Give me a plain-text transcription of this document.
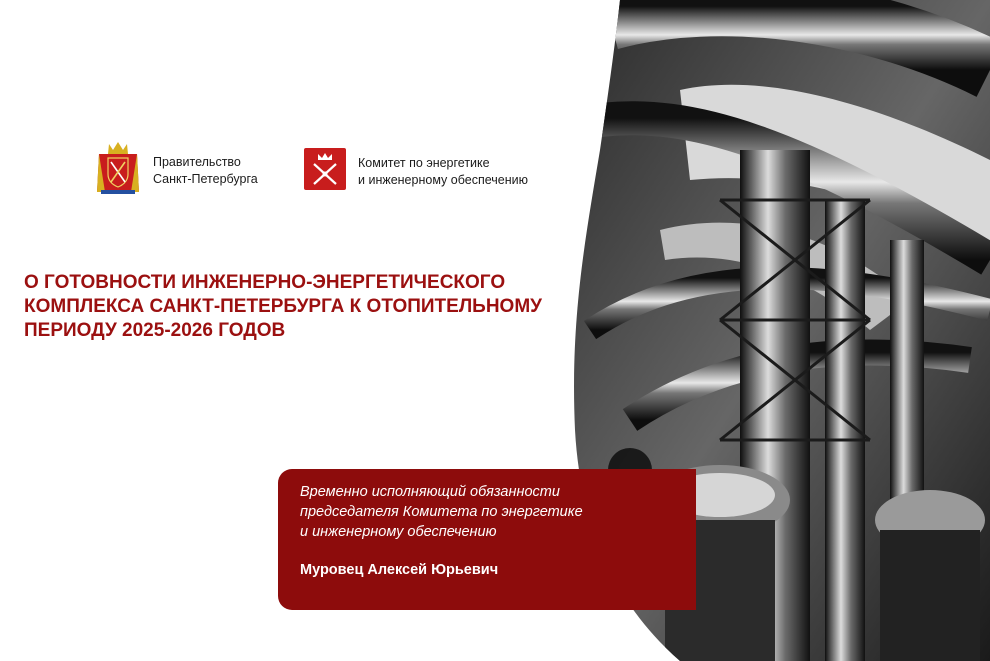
Правительство
Санкт-Петербурга
Комитет по энергетике
и инженерному обеспечению
О ГОТОВНОСТИ ИНЖЕНЕРНО-ЭНЕРГЕТИЧЕСКОГО
КОМПЛЕКСА САНКТ-ПЕТЕРБУРГА К ОТОПИТЕЛЬНОМУ
ПЕРИОДУ 2025-2026 ГОДОВ
Временно исполняющий обязанности
председателя Комитета по энергетике
и инженерному обеспечению
Муровец Алексей Юрьевич
